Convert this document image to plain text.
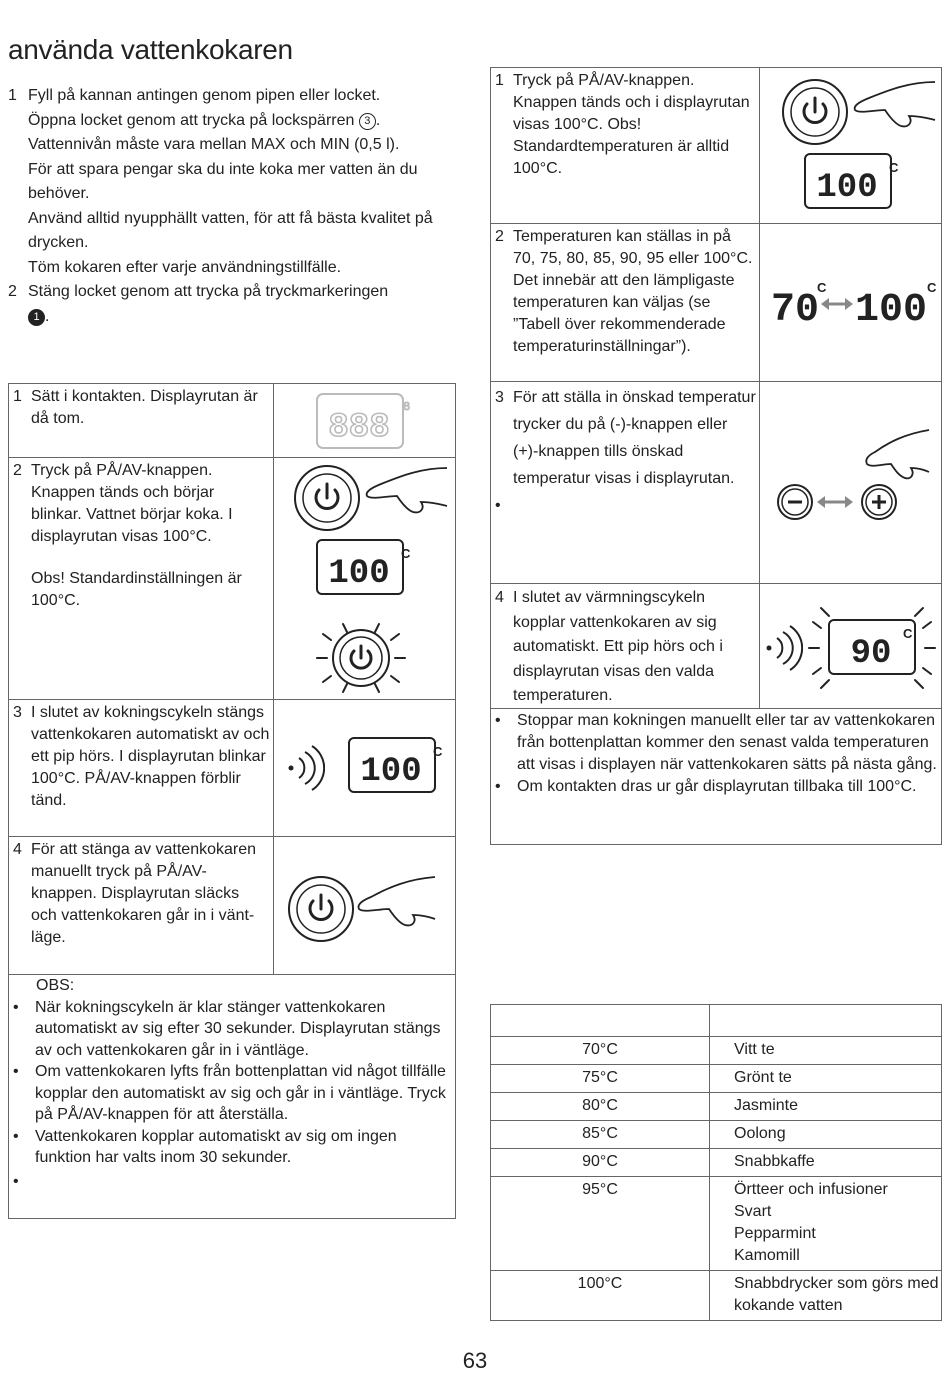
använda vattenkokaren
1 Fyll på kannan antingen genom pipen eller locket.
Öppna locket genom att trycka på lockspärren 3 .
Vattennivån måste vara mellan MAX och MIN (0,5 l).
För att spara pengar ska du inte koka mer vatten än du behöver.
Använd alltid nyupphällt vatten, för att få bästa kvalitet på drycken.
Töm kokaren efter varje användningstillfälle.
2 Stäng locket genom att trycka på tryckmarkeringen
1 .
1 Sätt i kontakten. Displayrutan är då tom.	888
8
2 Tryck på PÅ/AV-knappen. Knappen tänds och börjar blinkar. Vattnet börjar koka. I displayrutan visas 100°C.
Obs! Standardinställningen är 100°C.
100
C
3 I slutet av kokningscykeln stängs vattenkokaren automatiskt av och ett pip hörs. I displayrutan blinkar 100°C. PÅ/AV-knappen förblir tänd.
100
C
4 För att stänga av vattenkokaren manuellt tryck på PÅ/AV-knappen. Displayrutan släcks och vattenkokaren går in i väntläge.
OBS:
•	När kokningscykeln är klar stänger vattenkokaren automatiskt av sig efter 30 sekunder. Displayrutan stängs av och vattenkokaren går in i väntläge.
•	Om vattenkokaren lyfts från bottenplattan vid något tillfälle kopplar den automatiskt av sig och går in i väntläge. Tryck på PÅ/AV-knappen för att återställa.
•	Vattenkokaren kopplar automatiskt av sig om ingen funktion har valts inom 30 sekunder.
•
1 Tryck på PÅ/AV-knappen. Knappen tänds och i displayrutan visas 100°C. Obs! Standardtemperaturen är alltid 100°C.
100
C
2 Temperaturen kan ställas in på 70, 75, 80, 85, 90, 95 eller 100°C. Det innebär att den lämpligaste temperaturen kan väljas (se ”Tabell över rekommenderade temperaturinställningar”).
70
C
100
C
3 För att ställa in önskad temperatur trycker du på (-)-knappen eller (+)-knappen tills önskad temperatur visas i displayrutan.
•
4 I slutet av värmningscykeln kopplar vattenkokaren av sig automatiskt. Ett pip hörs och i displayrutan visas den valda temperaturen.
90
C
•	Stoppar man kokningen manuellt eller tar av vattenkokaren från bottenplattan kommer den senast valda temperaturen att visas i displayen när vattenkokaren sätts på nästa gång.
•	Om kontakten dras ur går displayrutan tillbaka till 100°C.

70°C	Vitt te
75°C	Grönt te
80°C	Jasminte
85°C	Oolong
90°C	Snabbkaffe
95°C	Örtteer och infusioner
Svart
Pepparmint
Kamomill

100°C	Snabbdrycker som görs med kokande vatten
63
